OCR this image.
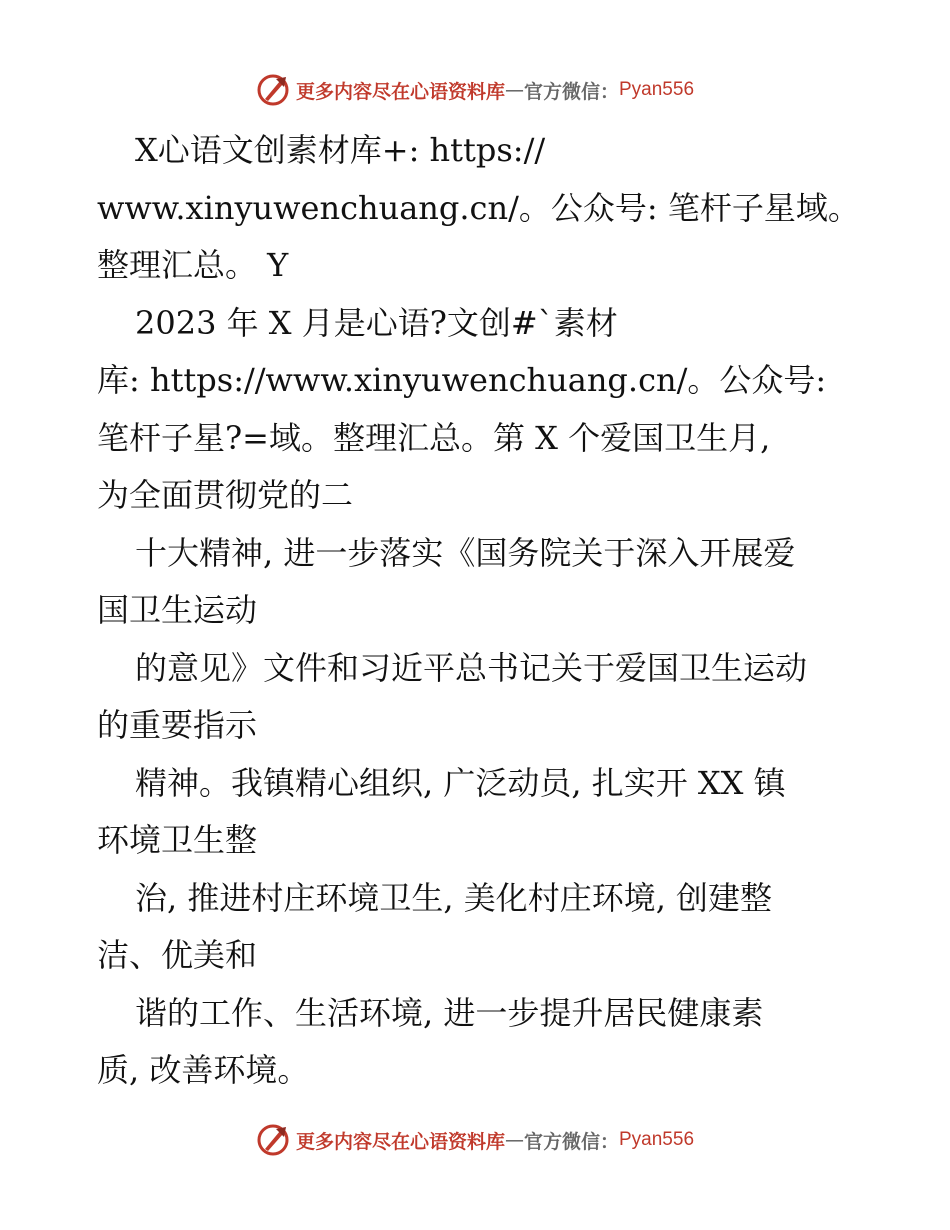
更多内容尽在心语资料库 — 官方微信： Pyan556
X心语文创素材库+: https://
www.xinyuwenchuang.cn/。公众号: 笔杆子星域。
整理汇总。 Y
2023 年 X 月是心语?文创#`素材
库: https://www.xinyuwenchuang.cn/。公众号:
笔杆子星?=域。整理汇总。第 X 个爱国卫生月,
为全面贯彻党的二
十大精神, 进一步落实《国务院关于深入开展爱
国卫生运动
的意见》文件和习近平总书记关于爱国卫生运动
的重要指示
精神。我镇精心组织, 广泛动员, 扎实开 XX 镇
环境卫生整
治, 推进村庄环境卫生, 美化村庄环境, 创建整
洁、优美和
谐的工作、生活环境, 进一步提升居民健康素
质, 改善环境。
更多内容尽在心语资料库 — 官方微信： Pyan556
